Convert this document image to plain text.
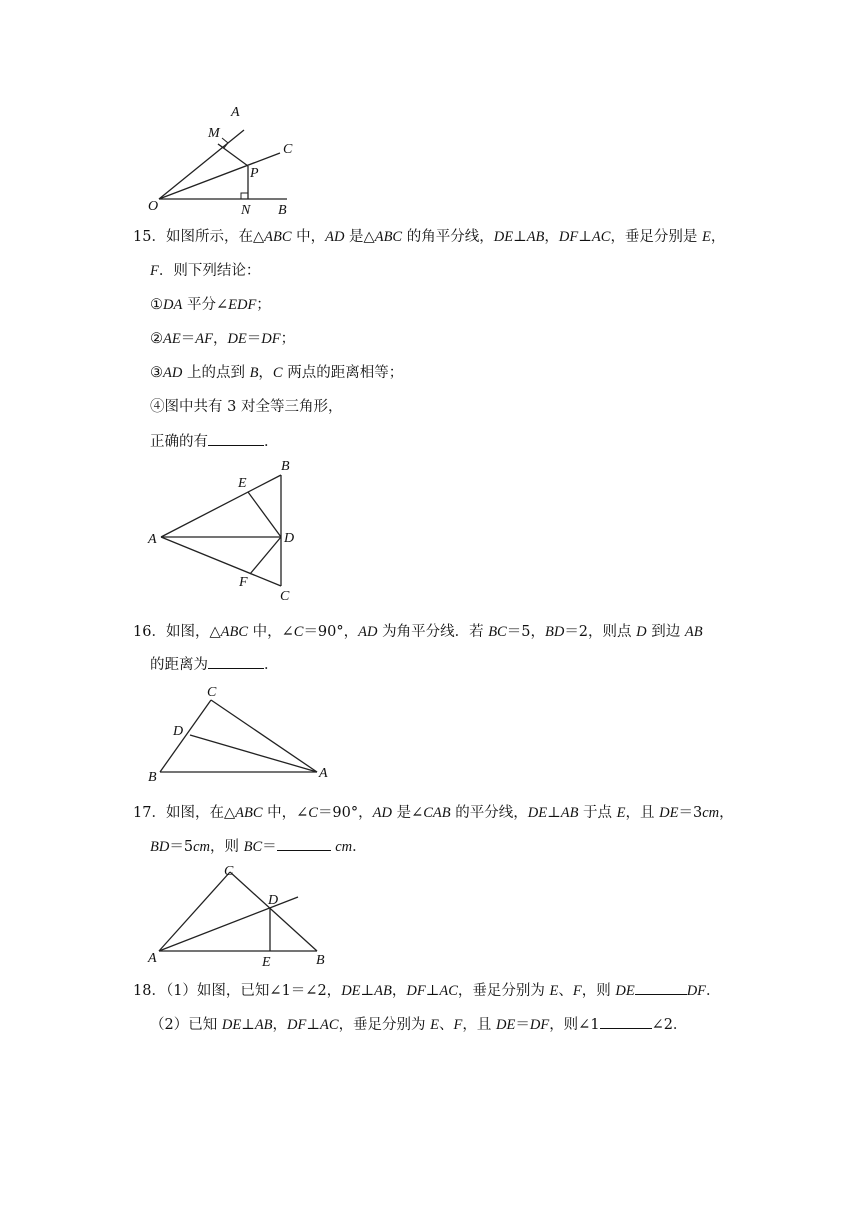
A
M
C
P
O	N B
15．如图所示，在△ABC 中，AD 是△ABC 的角平分线，DE⊥AB，DF⊥AC，垂足分别是 E，
F．则下列结论：
①DA 平分∠EDF；
②AE＝AF，DE＝DF；
③AD 上的点到 B，C 两点的距离相等；
④图中共有 3 对全等三角形，
正确的有	．
B
E
A	D
F
C
16．如图，△ABC 中，∠C＝90°，AD 为角平分线．若 BC＝5，BD＝2，则点 D 到边 AB
的距离为	．
C
D
B	A
17．如图，在△ABC 中，∠C＝90°，AD 是∠CAB 的平分线，DE⊥AB 于点 E，且 DE＝3cm，
BD＝5cm，则 BC＝	cm．
C
D
A	E	B
18．（1）如图，已知∠1＝∠2，DE⊥AB，DF⊥AC，垂足分别为 E、F，则 DE	DF．
（2）已知 DE⊥AB，DF⊥AC，垂足分别为 E、F，且 DE＝DF，则∠1	∠2．
